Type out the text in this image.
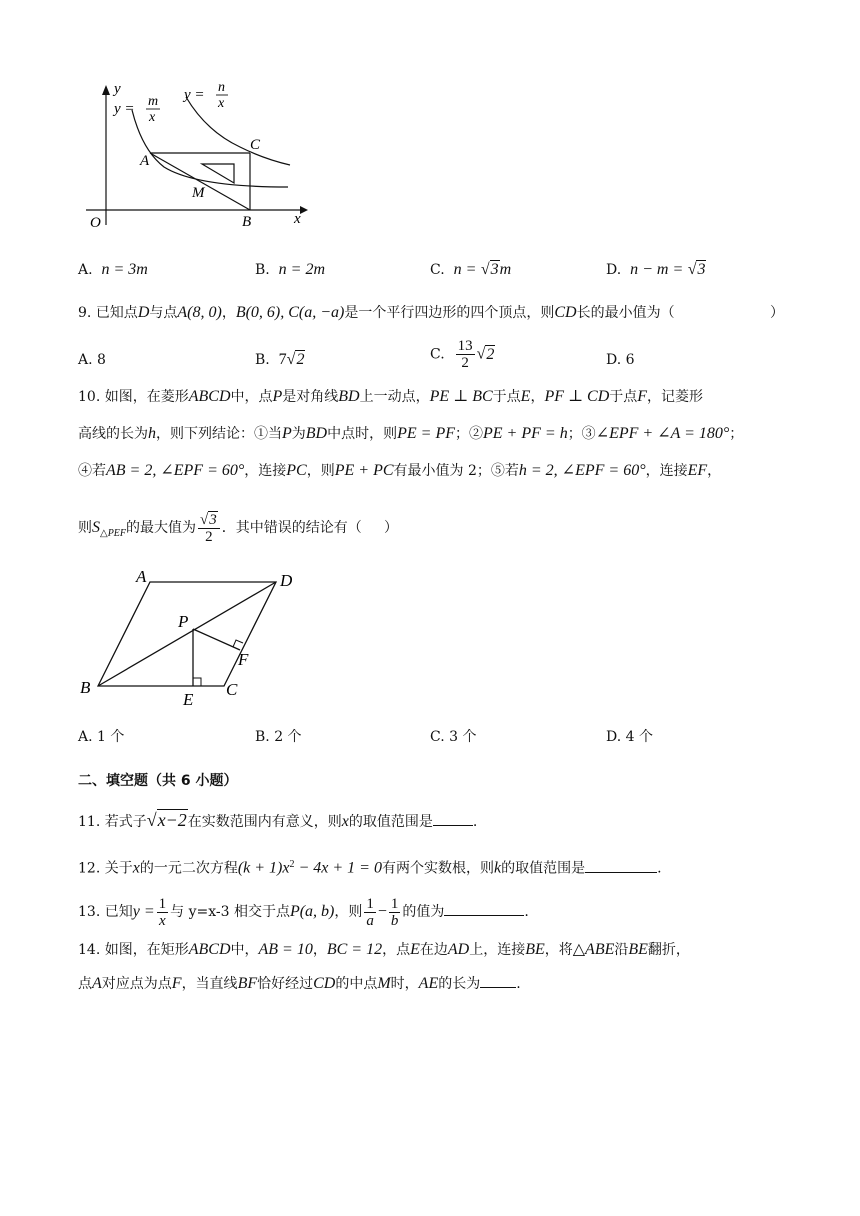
y
x
O
A
B
C
M
y = m
x
y = n
x
A. n = 3m	B. n = 2m	C. n = √3m	D. n − m = √3
9. 已知点D与点A(8, 0)，B(0, 6), C(a, −a)是一个平行四边形的四个顶点，则CD长的最小值为（	）
A. 8	B. 7√2	C. $\frac{13}{2} √2$	D. 6
10. 如图，在菱形ABCD中，点P是对角线BD上一动点，PE ⊥ BC于点E，PF ⊥ CD于点F，记菱形
高线的长为h，则下列结论：①当P为BD中点时，则PE = PF；②PE + PF = h；③∠EPF + ∠A = 180°；
④若AB = 2, ∠EPF = 60°，连接PC，则PE + PC有最小值为 2；⑤若h = 2, ∠EPF = 60°，连接EF，
则$S_{\triangle PEF}$的最大值为 $\frac{√3}{2}$ ．其中错误的结论有（ ）
A	D
B	C
E
F
P
A. 1 个	B. 2 个	C. 3 个	D. 4 个
二、填空题（共 6 小题）
11. 若式子√x−2在实数范围内有意义，则x的取值范围是	.
12. 关于x的一元二次方程$(k + 1)x^2 - 4x + 1 = 0$有两个实数根，则k的取值范围是	.
13. 已知$y = \frac{1}{x}$ 与 y=x-3 相交于点P(a, b)，则 $\frac{1}{a} - \frac{1}{b}$ 的值为	.
14. 如图，在矩形ABCD中，AB = 10，BC = 12，点E在边AD上，连接BE，将△ABE沿BE翻折，
点A对应点为点F，当直线BF恰好经过CD的中点M时，AE的长为	.
